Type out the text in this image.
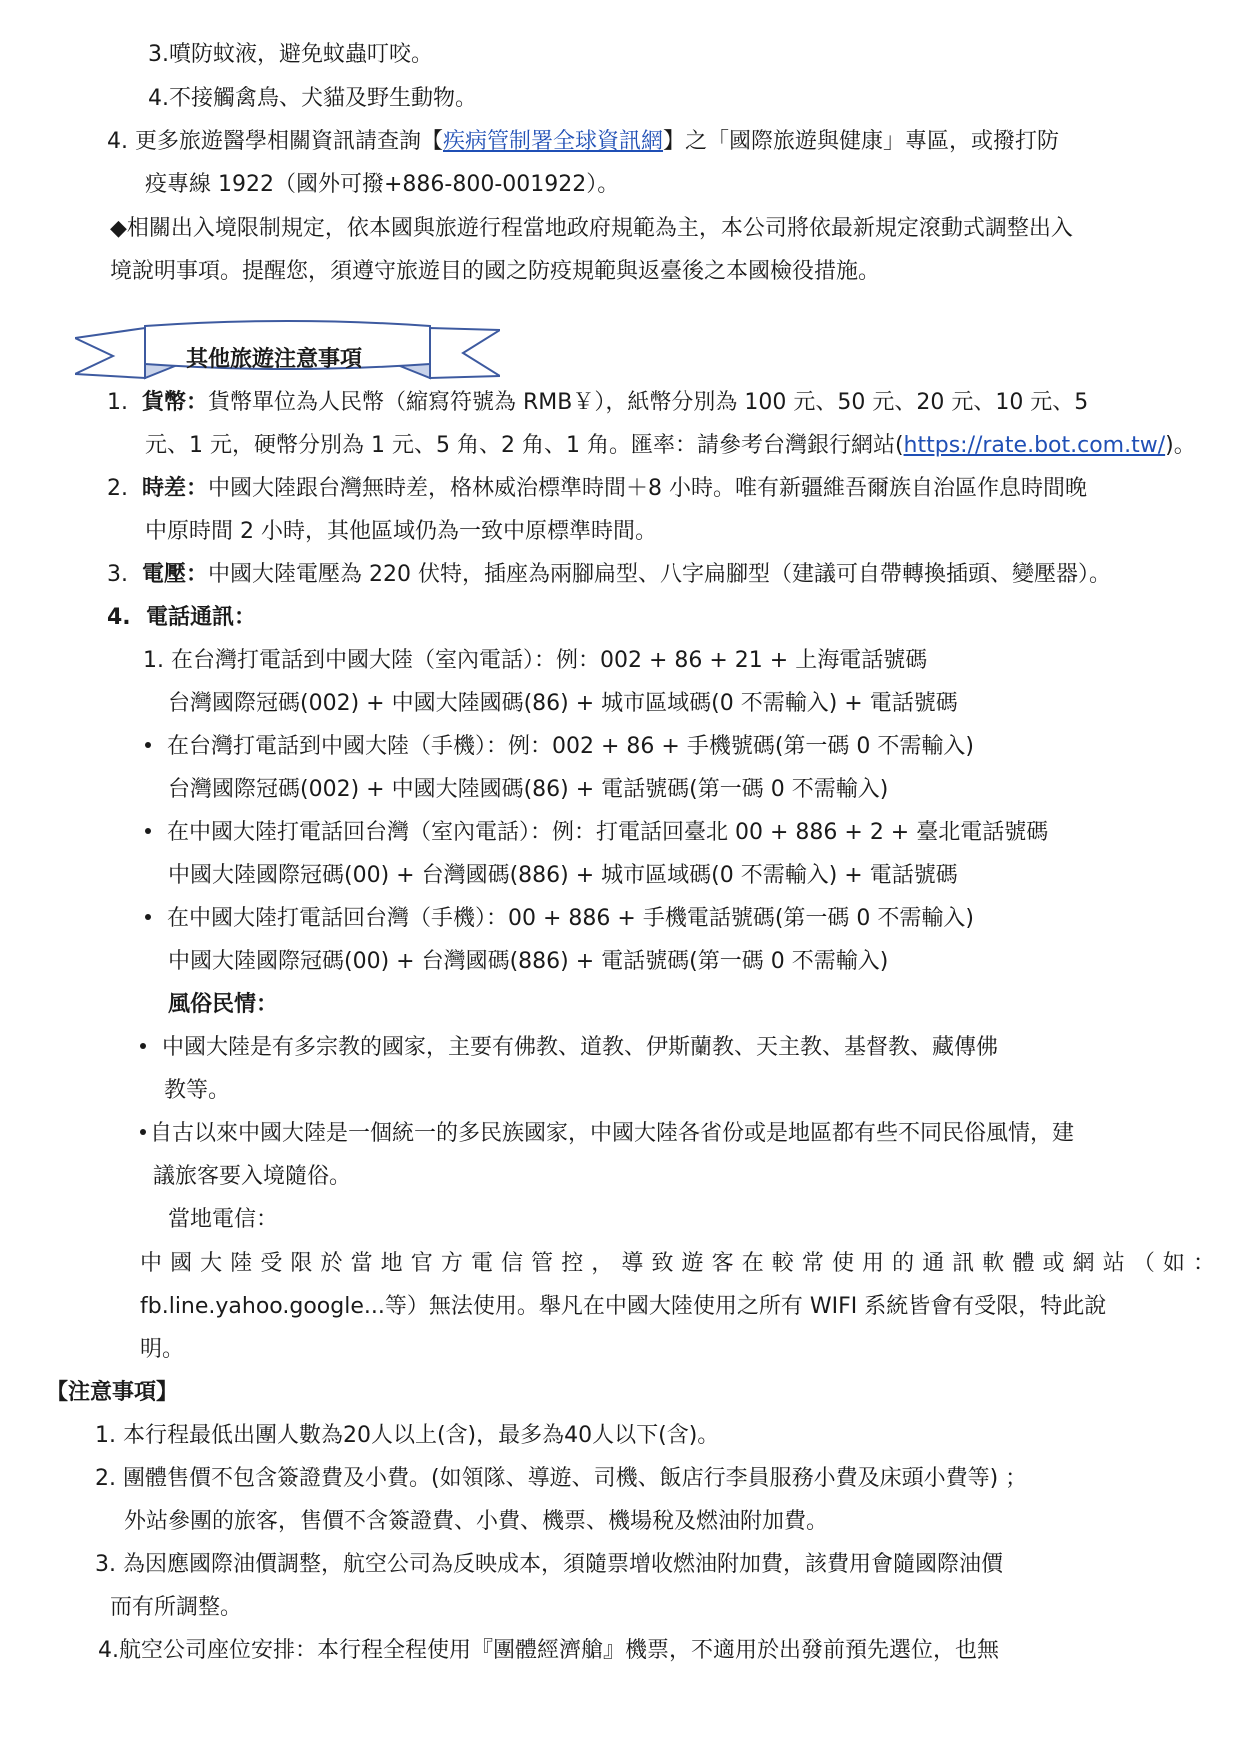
3.噴防蚊液，避免蚊蟲叮咬。
4.不接觸禽鳥、犬貓及野生動物。
4. 更多旅遊醫學相關資訊請查詢【疾病管制署全球資訊網】之「國際旅遊與健康」專區，或撥打防
疫專線 1922（國外可撥+886-800-001922）。
◆相關出入境限制規定，依本國與旅遊行程當地政府規範為主，本公司將依最新規定滾動式調整出入
境說明事項。提醒您，須遵守旅遊目的國之防疫規範與返臺後之本國檢役措施。
其他旅遊注意事項
1. 貨幣：貨幣單位為人民幣（縮寫符號為 RMB￥），紙幣分別為 100 元、50 元、20 元、10 元、5
元、1 元，硬幣分別為 1 元、5 角、2 角、1 角。匯率：請參考台灣銀行網站(https://rate.bot.com.tw/)。
2. 時差：中國大陸跟台灣無時差，格林威治標準時間＋8 小時。唯有新疆維吾爾族自治區作息時間晚
中原時間 2 小時，其他區域仍為一致中原標準時間。
3. 電壓：中國大陸電壓為 220 伏特，插座為兩腳扁型、八字扁腳型（建議可自帶轉換插頭、變壓器）。
4. 電話通訊：
1. 在台灣打電話到中國大陸（室內電話）：例：002 + 86 + 21 + 上海電話號碼
台灣國際冠碼(002) + 中國大陸國碼(86) + 城市區域碼(0 不需輸入) + 電話號碼
在台灣打電話到中國大陸（手機）：例：002 + 86 + 手機號碼(第一碼 0 不需輸入)
台灣國際冠碼(002) + 中國大陸國碼(86) + 電話號碼(第一碼 0 不需輸入)
在中國大陸打電話回台灣（室內電話）：例：打電話回臺北 00 + 886 + 2 + 臺北電話號碼
中國大陸國際冠碼(00) + 台灣國碼(886) + 城市區域碼(0 不需輸入) + 電話號碼
在中國大陸打電話回台灣（手機）：00 + 886 + 手機電話號碼(第一碼 0 不需輸入)
中國大陸國際冠碼(00) + 台灣國碼(886) + 電話號碼(第一碼 0 不需輸入)
風俗民情：
中國大陸是有多宗教的國家，主要有佛教、道教、伊斯蘭教、天主教、基督教、藏傳佛
教等。
自古以來中國大陸是一個統一的多民族國家，中國大陸各省份或是地區都有些不同民俗風情，建
議旅客要入境隨俗。
當地電信：
中國大陸受限於當地官方電信管控，導致遊客在較常使用的通訊軟體或網站（如：
fb.line.yahoo.google...等）無法使用。舉凡在中國大陸使用之所有 WIFI 系統皆會有受限，特此說
明。
【注意事項】
1. 本行程最低出團人數為20人以上(含)，最多為40人以下(含)。
2. 團體售價不包含簽證費及小費。(如領隊、導遊、司機、飯店行李員服務小費及床頭小費等) ；
外站參團的旅客，售價不含簽證費、小費、機票、機場稅及燃油附加費。
3. 為因應國際油價調整，航空公司為反映成本，須隨票增收燃油附加費，該費用會隨國際油價
而有所調整。
4.航空公司座位安排：本行程全程使用『團體經濟艙』機票，不適用於出發前預先選位，也無
